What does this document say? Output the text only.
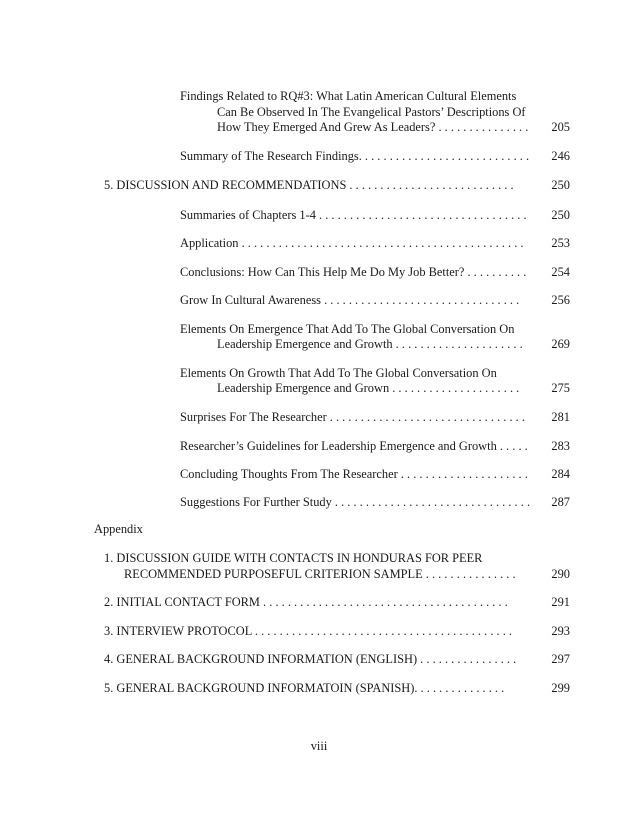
Findings Related to RQ#3: What Latin American Cultural Elements
Can Be Observed In The Evangelical Pastors’ Descriptions Of
How They Emerged And Grew As Leaders? . . . . . . . . . . . . . . .	205
Summary of The Research Findings. . . . . . . . . . . . . . . . . . . . . . . . . . . .	246
5. DISCUSSION AND RECOMMENDATIONS . . . . . . . . . . . . . . . . . . . . . . . . . . .	250
Summaries of Chapters 1-4 . . . . . . . . . . . . . . . . . . . . . . . . . . . . . . . . . .	250
Application . . . . . . . . . . . . . . . . . . . . . . . . . . . . . . . . . . . . . . . . . . . . . .	253
Conclusions: How Can This Help Me Do My Job Better? . . . . . . . . . .	254
Grow In Cultural Awareness . . . . . . . . . . . . . . . . . . . . . . . . . . . . . . . .	256
Elements On Emergence That Add To The Global Conversation On
Leadership Emergence and Growth . . . . . . . . . . . . . . . . . . . . .	269
Elements On Growth That Add To The Global Conversation On
Leadership Emergence and Grown . . . . . . . . . . . . . . . . . . . . .	275
Surprises For The Researcher . . . . . . . . . . . . . . . . . . . . . . . . . . . . . . . .	281
Researcher’s Guidelines for Leadership Emergence and Growth . . . . .	283
Concluding Thoughts From The Researcher . . . . . . . . . . . . . . . . . . . . .	284
Suggestions For Further Study . . . . . . . . . . . . . . . . . . . . . . . . . . . . . . . .	287
Appendix
1. DISCUSSION GUIDE WITH CONTACTS IN HONDURAS FOR PEER
RECOMMENDED PURPOSEFUL CRITERION SAMPLE . . . . . . . . . . . . . . .	290
2. INITIAL CONTACT FORM . . . . . . . . . . . . . . . . . . . . . . . . . . . . . . . . . . . . . . . .	291
3. INTERVIEW PROTOCOL . . . . . . . . . . . . . . . . . . . . . . . . . . . . . . . . . . . . . . . . . .	293
4. GENERAL BACKGROUND INFORMATION (ENGLISH) . . . . . . . . . . . . . . . .	297
5. GENERAL BACKGROUND INFORMATOIN (SPANISH). . . . . . . . . . . . . . .	299
viii
